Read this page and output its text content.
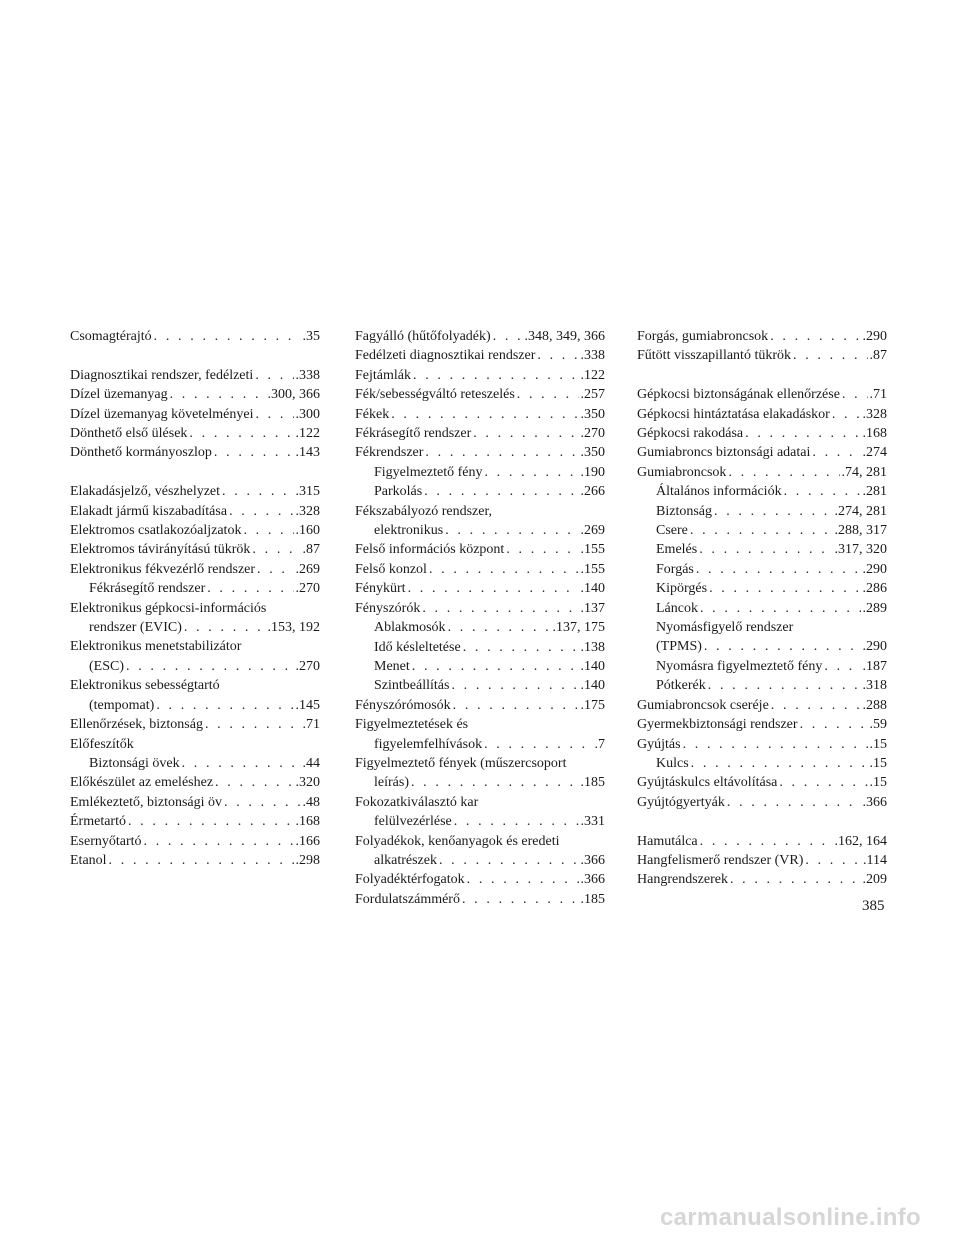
Csomagtérajtó . . .	.35
Diagnosztikai rendszer, fedélzeti . . .	.338
Dízel üzemanyag . . .	.300, 366
Dízel üzemanyag követelményei . . .	.300
Dönthető első ülések . . .	.122
Dönthető kormányoszlop . . .	.143
Elakadásjelző, vészhelyzet . . .	.315
Elakadt jármű kiszabadítása . . .	.328
Elektromos csatlakozóaljzatok . . .	.160
Elektromos távirányítású tükrök . . .	.87
Elektronikus fékvezérlő rendszer . . .	.269
Fékrásegítő rendszer . . .	.270
Elektronikus gépkocsi-információs
rendszer (EVIC) . . .	.153, 192
Elektronikus menetstabilizátor
(ESC) . . .	.270
Elektronikus sebességtartó
(tempomat) . . .	.145
Ellenőrzések, biztonság . . .	.71
Előfeszítők
Biztonsági övek . . .	.44
Előkészület az emeléshez . . .	.320
Emlékeztető, biztonsági öv . . .	.48
Érmetartó . . .	.168
Esernyőtartó . . .	.166
Etanol . . .	.298
Fagyálló (hűtőfolyadék) . . . .348, 349, 366
Fedélzeti diagnosztikai rendszer . . .	.338
Fejtámlák . . .	.122
Fék/sebességváltó reteszelés . . .	.257
Fékek . . .	.350
Fékrásegítő rendszer . . .	.270
Fékrendszer . . .	.350
Figyelmeztető fény . . .	.190
Parkolás . . .	.266
Fékszabályozó rendszer,
elektronikus . . .	.269
Felső információs központ . . .	.155
Felső konzol . . .	.155
Fénykürt . . .	.140
Fényszórók . . .	.137
Ablakmosók . . .	.137, 175
Idő késleltetése . . .	.138
Menet . . .	.140
Szintbeállítás . . .	.140
Fényszórómosók . . .	.175
Figyelmeztetések és
figyelemfelhívások . . .	.7
Figyelmeztető fények (műszercsoport
leírás) . . .	.185
Fokozatkiválasztó kar
felülvezérlése . . .	.331
Folyadékok, kenőanyagok és eredeti
alkatrészek . . .	.366
Folyadéktérfogatok . . .	.366
Fordulatszámmérő . . .	.185
Forgás, gumiabroncsok . . .	.290
Fűtött visszapillantó tükrök . . .	.87
Gépkocsi biztonságának ellenőrzése . . . .71
Gépkocsi hintáztatása elakadáskor . . . .328
Gépkocsi rakodása . . .	.168
Gumiabroncs biztonsági adatai . . .	.274
Gumiabroncsok . . .	.74, 281
Általános információk . . .	.281
Biztonság . . .	.274, 281
Csere . . .	.288, 317
Emelés . . .	.317, 320
Forgás . . .	.290
Kipörgés . . .	.286
Láncok . . .	.289
Nyomásfigyelő rendszer
(TPMS) . . .	.290
Nyomásra figyelmeztető fény . . .	.187
Pótkerék . . .	.318
Gumiabroncsok cseréje . . .	.288
Gyermekbiztonsági rendszer . . .	.59
Gyújtás . . .	.15
Kulcs . . .	.15
Gyújtáskulcs eltávolítása . . .	.15
Gyújtógyertyák . . .	.366
Hamutálca . . .	.162, 164
Hangfelismerő rendszer (VR) . . .	.114
Hangrendszerek . . .	.209
385
carmanualsonline.info
